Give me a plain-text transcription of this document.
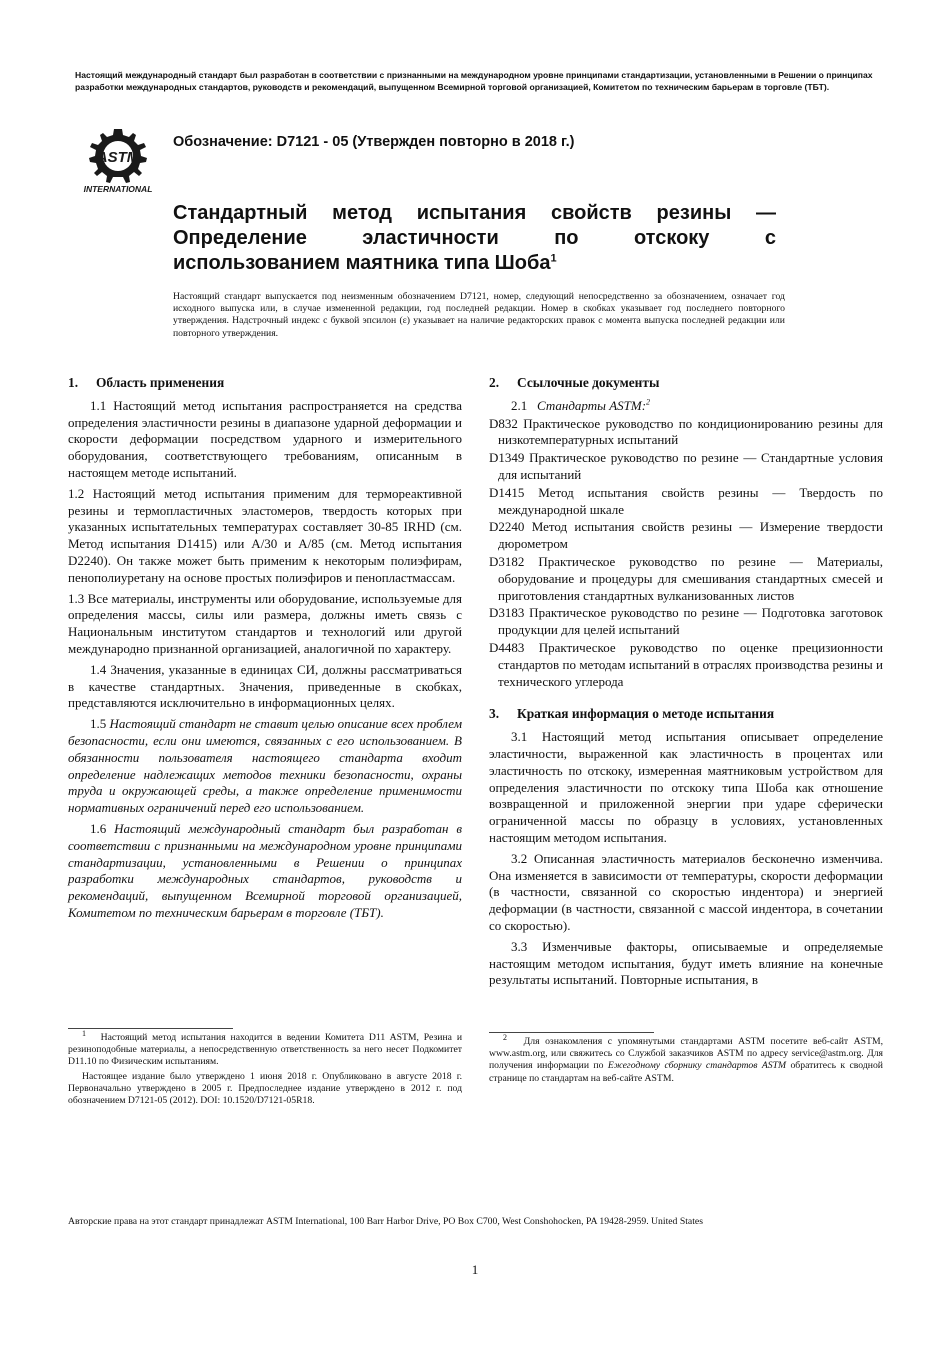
Настоящий международный стандарт был разработан в соответствии с признанными на международном уровне принципами стандартизации, установленными в Решении о принципах разработки международных стандартов, руководств и рекомендаций, выпущенном Всемирной торговой организацией, Комитетом по техническим барьерам в торговле (ТБТ).
ASTM
INTERNATIONAL
Обозначение: D7121 - 05 (Утвержден повторно в 2018 г.)
Стандартный метод испытания свойств резины —
Определение эластичности по отскоку с
использованием маятника типа Шоба$^1$
Настоящий стандарт выпускается под неизменным обозначением D7121, номер, следующий непосредственно за обозначением, означает год исходного выпуска или, в случае измененной редакции, год последней редакции. Номер в скобках указывает год последнего повторного утверждения. Надстрочный индекс с буквой эпсилон (ε) указывает на наличие редакторских правок с момента выпуска последней редакции или повторного утверждения.
1. Область применения

1.1 Настоящий метод испытания распространяется на средства определения эластичности резины в диапазоне ударной деформации и скорости деформации посредством ударного и измерительного оборудования, соответствующего требованиям, описанным в настоящем методе испытаний.

1.2 Настоящий метод испытания применим для термореактивной резины и термопластичных эластомеров, твердость которых при указанных испытательных температурах составляет 30-85 IRHD (см. Метод испытания D1415) или A/30 и A/85 (см. Метод испытания D2240). Он также может быть применим к некоторым полиэфирам, пенополиуретану на основе простых полиэфиров и пенопластмассам.

1.3 Все материалы, инструменты или оборудование, используемые для определения массы, силы или размера, должны иметь связь с Национальным институтом стандартов и технологий или другой международно признанной организацией, аналогичной по характеру.

1.4 Значения, указанные в единицах СИ, должны рассматриваться в качестве стандартных. Значения, приведенные в скобках, представляются исключительно в информационных целях.

1.5 Настоящий стандарт не ставит целью описание всех проблем безопасности, если они имеются, связанных с его использованием. В обязанности пользователя настоящего стандарта входит определение надлежащих методов техники безопасности, охраны труда и окружающей среды, а также определение применимости нормативных ограничений перед его использованием.

1.6 Настоящий международный стандарт был разработан в соответствии с признанными на международном уровне принципами стандартизации, установленными в Решении о принципах разработки международных стандартов, руководств и рекомендаций, выпущенном Всемирной торговой организацией, Комитетом по техническим барьерам в торговле (ТБТ).

2. Ссылочные документы

2.1 Стандарты ASTM:$^2$

D832 Практическое руководство по кондиционированию резины для низкотемпературных испытаний

D1349 Практическое руководство по резине — Стандартные условия для испытаний

D1415 Метод испытания свойств резины — Твердость по международной шкале

D2240 Метод испытания свойств резины — Измерение твердости дюрометром

D3182 Практическое руководство по резине — Материалы, оборудование и процедуры для смешивания стандартных смесей и приготовления стандартных вулканизованных листов

D3183 Практическое руководство по резине — Подготовка заготовок продукции для целей испытаний

D4483 Практическое руководство по оценке прецизионности стандартов по методам испытаний в отраслях производства резины и технического углерода

3. Краткая информация о методе испытания

3.1 Настоящий метод испытания описывает определение эластичности, выраженной как эластичность в процентах или эластичность по отскоку, измеренная маятниковым устройством для определения эластичности по отскоку типа Шоба как отношение возвращенной и приложенной энергии при ударе сферически ограниченной массы по образцу в условиях, установленных настоящим методом испытания.

3.2 Описанная эластичность материалов бесконечно изменчива. Она изменяется в зависимости от температуры, скорости деформации (в частности, связанной со скоростью индентора) и энергией деформации (в частности, связанной с массой индентора, в сочетании со скоростью).

3.3 Изменчивые факторы, описываемые и определяемые настоящим методом испытания, будут иметь влияние на конечные результаты испытаний. Повторные испытания, в

$^1$ Настоящий метод испытания находится в ведении Комитета D11 ASTM, Резина и резиноподобные материалы, а непосредственную ответственность за него несет Подкомитет D11.10 по Физическим испытаниям.
Настоящее издание было утверждено 1 июня 2018 г. Опубликовано в августе 2018 г. Первоначально утверждено в 2005 г. Предпоследнее издание утверждено в 2012 г. под обозначением D7121-05 (2012). DOI: 10.1520/D7121-05R18.
$^2$ Для ознакомления с упомянутыми стандартами ASTM посетите веб-сайт ASTM, www.astm.org, или свяжитесь со Службой заказчиков ASTM по адресу service@astm.org. Для получения информации по Ежегодному сборнику стандартов ASTM обратитесь к сводной странице по стандартам на веб-сайте ASTM.
Авторские права на этот стандарт принадлежат ASTM International, 100 Barr Harbor Drive, PO Box C700, West Conshohocken, PA 19428-2959. United States
1
